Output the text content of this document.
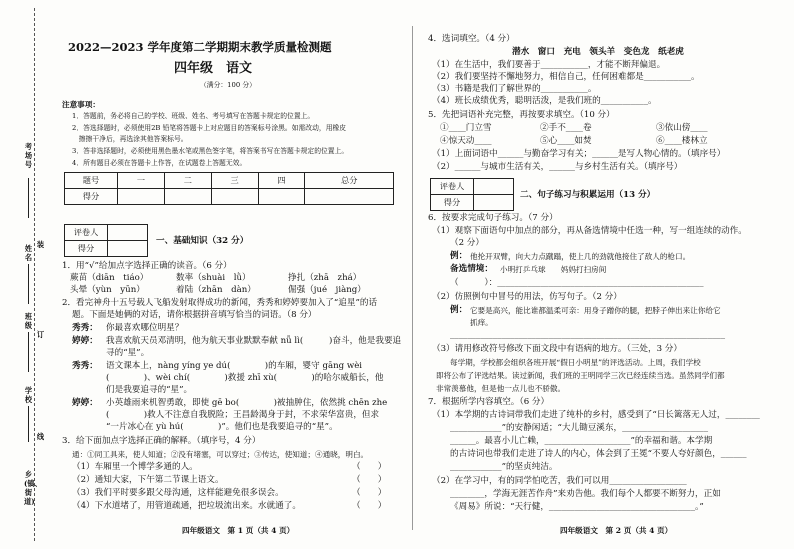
考场号
姓名
班级
学校
乡(镇、街道)
装
订
线
2022—2023 学年度第二学期期末教学质量检测题
四年级　语文
（满分：100 分）
注意事项：
1．答题前，务必将自己的学校、班级、姓名、考号填写在答题卡规定的位置上。
2．答选择题时，必须使用2B 铅笔将答题卡上对应题目的答案标号涂黑。如需改动，用橡皮
　擦擦干净后，再选涂其他答案标号。
3．答非选择题时，必须使用黑色墨水笔或黑色签字笔，将答案书写在答题卡规定的位置上。
4．所有题目必须在答题卡上作答，在试题卷上答题无效。
题号	一	二	三	四	总分
得分					
评卷人	
得分	
一、基础知识（32 分）
1．用“√”给加点字选择正确的读音。（6 分）
蕨苗（diān　tiáo）	数率（shuài　lǜ）	挣扎（zhā　zhá）
头晕（yùn　yūn）	着陆（zhān　dàn）	倔强（jué　jiàng）
2．看完神舟十五号载人飞船发射取得成功的新闻，秀秀和婷婷要加入了“追星”的话
题。下面是她俩的对话，请你根据拼音填写恰当的词语。（8 分）
秀秀： 你最喜欢哪位明星？
婷婷： 我喜欢航天员邓清明，他为航天事业默默奉献 nǚ lì(　　　)奋斗，他是我要追
寻的“星”。
秀秀： 语文课本上，nàng yíng ye dú(　　　　)的车厢，婴守 gāng wèi
(　　　　)、wèi chí(　　　　)救援 zhī xù(　　　　)的哈尔威船长，他
们是我要追寻的“星”。
婷婷： 小英雄雨来机智勇敢，即使 gē bo(　　　　)被抽肿住，依然挑 chēn zhe
(　　　　)救人不注意自我脱险；王昌龄渴身于封，不求荣华富贵，但求
“一片冰心在 yù hú(　　　　)”。他们也是我要追寻的“星”。
3．给下面加点字选择正确的解释。（填序号，4 分）
通：①同工具来，使人知道；②没有堵塞，可以穿过；③传达，使知道；④通晓，明白。
（1）车厢里一个博学多通的人。	（　　）
（2）通知大家，下午第二节课上语文。	（　　）
（3）我们平时要多跟父母沟通，这样能避免很多误会。	（　　）
（4）下水道堵了，用管道疏通，把垃圾流出来。水就通了。	（　　）
四年级语文　第 1 页（共 4 页）
4．选词填空。（4 分）
潜水　窗口　充电　领头羊　变色龙　纸老虎
（1）在生活中，我们要善于___________，才能不断拜偏退。
（2）我们要坚持不懈地努力，相信自己，任何困难都是___________。
（3）书籍是我们了解世界的___________。
（4）班长成绩优秀，聪明活泼，是我们班的___________。
5．先把词语补充完整，再按要求填空。（10 分）
①____门立雪	②手不____卷	③依山傍____
④惊天动____	⑤心____如焚	⑥____楼林立
（1）上面词语中______与勤奋学习有关；______是写人物心情的。（填序号）
（2）______与城市生活有关，______与乡村生活有关。（填序号）
评卷人	
得分	
二、句子练习与积累运用（13 分）
6．按要求完成句子练习。（7 分）
（1）观察下面语句中加点的部分，再从备选情境中任选一种，写一组连续的动作。
（2 分）
例： 他抡开双臂，向大力点蹴蹋，使上几的劲就他接住了敌人的枪口。
备选情境： 小明打乒乓球　　妈妈打扫房间
（　　　）：________________________________________________
（2）仿照例句中冒号的用法，仿写句子。（2 分）
例： 它要是高兴，能比谁都温柔可亲：用身子蹭你的腿，把脖子伸出来让你给它
抓痒。
________________________________________________________________
（3）请用修改符号修改下面文段中有语病的地方。（三处，3 分）
每学期，学校都会组织各班开展“假日小明星”的评选活动。上周，我们学校
即将公布了评选结果。读过新闻，我们班的王明同学三次已经连续当选。虽然同学们都
非常羡慕他，但是他一点儿也不骄傲。
7．根据所学内容填空。（6 分）
（1）本学期的古诗词带我们走进了纯朴的乡村，感受到了“日长篱落无人过，________
____________”的安静闲适；“大儿锄豆溪东，____________________
______。最喜小儿亡赖，____________________”的幸福和谐。本学期
的古诗词也带我们走进了诗人的内心，体会到了王冕“不要人夸好颜色，______
____________”的坚贞纯洁。
（2）在学习中，有的同学怕吃苦，我们可以用__________________
________，学海无涯苦作舟”来劝告他。我们每个人都要不断努力，正如
《周易》所说：“天行健，__________________________________。”
四年级语文　第 2 页（共 4 页）
